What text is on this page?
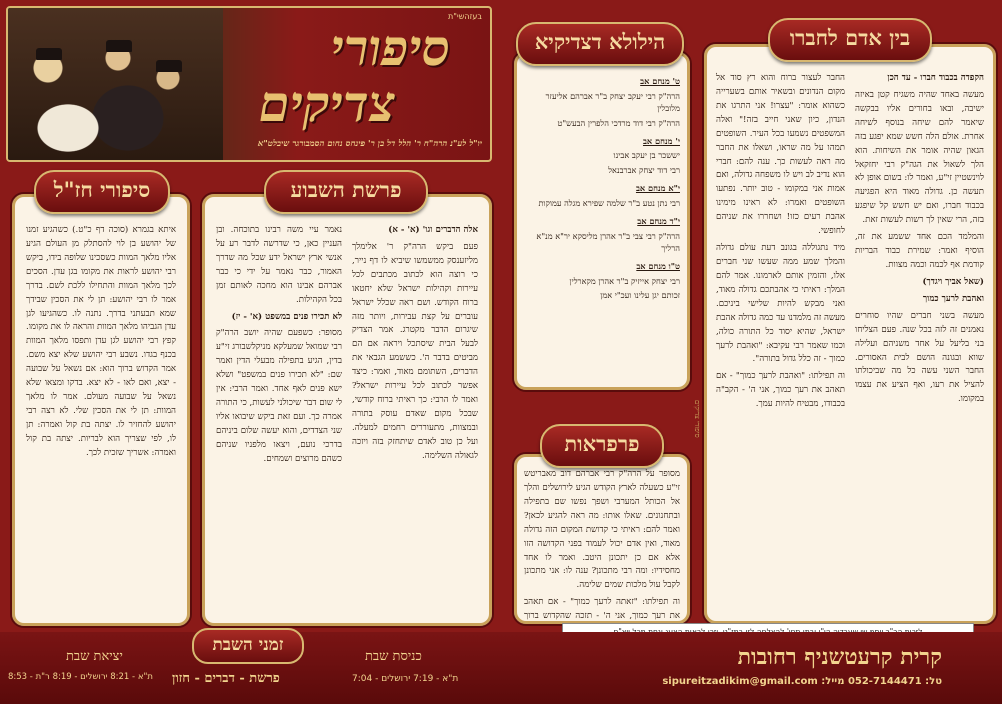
בעזהשי"ת
סיפורי
צדיקים
יו"ל לע"נ הרה"ח ר' הלל דל בן ר' פינחס נחום הסמבורגר שיבלט"א
איתא בגמרא (סוכה דף כ"ט.) כשהגיע זמנו של יהושע בן לוי להסתלק מן העולם הגיע אליו מלאך המוות כשסכינו שלופה בידו, ביקש רבי יהושע לראות את מקומו בגן עדן. הסכים לכך מלאך המוות והתחילו ללכת לשם. בדרך אמר לו רבי יהושע: תן לי את הסכין שבידך שמא תבעתני בדרך. נתנה לו. כשהגיעו לגן עדן הגביהו מלאך המוות והראה לו את מקומו. קפץ רבי יהושע לגן עדן ותפסו מלאך המוות בכנף בגדו. נשבע רבי יהושע שלא יצא משם. אמר הקדוש ברוך הוא: אם נשאל על שבועה - יצא, ואם לאו - לא יצא. בדקו ומצאו שלא נשאל על שבועה מעולם. אמר לו מלאך המוות: תן לי את הסכין שלי. לא רצה רבי יהושע להחזיר לו. יצתה בת קול ואמרה: תן לו, לפי שצריך הוא לבריות. יצתה בת קול ואמרה: אשריך שזכית לכך.
סיפורי חז"ל

אלה הדברים וגו' (א' - א)

פעם ביקש הרה"ק ר' אלימלך מליזענסק ממשמשו שיביא לו דף נייר, כי רוצה הוא לכתוב מכתבים לכל עיירות וקהילות ישראל שלא יחטאו ברוח הקודש. ושם ראה שכלל ישראל עוברים על קצת עבירות, ויותר מזה שיגרום הדבר מקטרג. אמר הצדיק לבעל הבית שיסתכל ויראה אם הם מביטים בדבר ה'. כששמע הגבאי את הדברים, השתומם מאוד, ואמר: כיצד אפשר לכתוב לכל עיירות ישראל? ואמר לו הרבי: כך ראיתי ברוח קודשי, שבכל מקום שאדם עוסק בתורה ובמצוות, מתעוררים רחמים למעלה. ועל כן טוב לאדם שיתחזק בזה ויזכה לגאולה השלימה.

נאמר עיי משה רבינו בתוכחה. ובן העניין כאן, כי שדרשה לדבר רע על אנשי ארץ ישראל ידע שכל מה שדרך האמור, כבר נאמר על ידי כי כבר אברהם אבינו הוא מחכה לאותם זמן בכל הקהילות.

לא תכירו פנים במשפט (א' - יז)

מסופר: כשפעם שהיה יושב הרה"ק רבי שמואל שמעלקא מניקלשבורג זי"ע בדין, הגיע בתפילה מבעלי הדין ואמר שם: "לא תכירו פנים במשפט" ושלא ישא פנים לאף אחד. ואמר הרבי: אין לי שום דבר שיכולני לעשות, כי התורה אמרה כך. ועם זאת ביקש שיבואו אליו שני הצדדים, והוא יעשה שלום ביניהם בדרכי נועם, ויצאו מלפניו שניהם כשהם מרוצים ושמחים.

פרשת השבוע
ט' מנחם אב
הרה"ק רבי יעקב יצחק ב"ר אברהם אליעזר מלובלין
הרה"ק רבי דוד מרדכי הלפרין הבעש"ט
י' מנחם אב
יששכר בן יעקב אבינו
רבי דוד יצחק אברבנאל
י"א מנחם אב
רבי נתן נטע ב"ר שלמה שפירא מגלה עמוקות
י"ד מנחם אב
הרה"ק רבי צבי ב"ר אהרן מליסקא יר"א מנ"א הרליך
ט"ו מנחם אב
רבי יצחק אייזיק ב"ר אהרן מקארלין
זכותם יגן עלינו ועכ"י אמן
הילולא דצדיקיא

מסופר על הרה"ק רבי אברהם דוב מאבריטש זי"ע כשעלה לארץ הקודש הגיע לירושלים והלך אל הכותל המערבי ושפך נפשו שם בתפילה ובתחנונים. שאלו אותו: מה ראה להגיע לכאן? ואמר להם: ראיתי כי קדושת המקום הזה גדולה מאוד, ואין אדם יכול לעמוד בפני הקדושה הזו אלא אם כן יתכונן היטב. ואמר לו אחד מחסידיו: ומה רבי מתכונן? ענה לו: אני מתכונן לקבל עול מלכות שמים שלימה.

וה תפילתו: "זאתה לרעך כמוך" - אם תאהב את רעך כמוך, אני ה' - תזכה שהקדוש ברוך

פרפראות
סיפורי צדיקים

הקפדה בכבוד חברו - עד הכן

מעשה באחד שהיה משגיח קטן באיזה ישיבה, ובאו בחורים אליו בבקשה שיאמר להם שיחה בנוסף לשיחה אחרת. אולם הלה חשש שמא יפגע בזה הגאון שהיה אומר את השיחות. הוא הלך לשאול את הגה"ק רבי יחזקאל לוינשטיין זי"ע, ואמר לו: בשום אופן לא תעשה כן. גדולה מאוד היא הפגיעה בכבוד חברו, ואם יש חשש קל שיפגע בזה, הרי שאין לך רשות לעשות זאת.

והמלמד הכם אחד ששמע את זה, הוסיף ואמר: שמירת כבוד הבריות קודמת אף לכמה וכמה מצוות.

(שאל אביך ויגדך)

ואהבת לרעך כמוך

מעשה בשני חברים שהיו סוחרים נאמנים זה לזה בכל שנה. פעם הצליחו בני בליעל על אחד משניהם ועלילה שווא ובגונה הושם לבית האסורים. החבר השני עשה כל מה שביכולתו להציל את רעו, ואף הציע את עצמו במקומו.

החבר לעצור ברוח והוא רץ סוד אל מקום הנדונים ובשאיר אותם בשערייה כשהוא אומר: "עצרו! אני התרגו את הנדון, כיון שאני חייב בזה!" ואלה המשפטים נשמעו בכל העיר. השופטים תמהו על מה שראו, ושאלו את החבר מה ראה לעשות כך. ענה להם: חברי הוא נדיב לב ויש לו משפחה גדולה, ואם אמות אני במקומו - טוב יותר. נפתעו השופטים ואמרו: לא ראינו מימינו אהבת רעים כזו! ושחררו את שניהם לחופשי.

מיד נתגוללה בגונב דעת עולם גדולה והמלך שמע ממה שעשו שני חברים אלו, והזמין אותם לארמונו. אמר להם המלך: ראיתי כי אהבתכם גדולה מאוד, ואני מבקש להיות שלישי ביניכם. מעשה זה מלמדנו עד כמה גדולה אהבת ישראל, שהיא יסוד כל התורה כולה, וכמו שאמר רבי עקיבא: "ואהבת לרעך כמוך - זה כלל גדול בתורה".

וה תפילתו: "ואהבת לרעך כמוך" - אם תאהב את רעך כמוך, אני ה' - הקב"ה בכבודו, מבטיח להיות עמך.

בין אדם לחברו
קרית קרעטשניף רחובות
טל: 052-7144471 מייל: sipureitzadikim@gmail.com
כניסת שבת
ת"א - 7:19 ירושלים - 7:04
זמני השבת
פרשת - דברים - חזון
יציאת שבת
ת"א - 8:21 ירושלים - 8:19 ר"ת - 8:53
